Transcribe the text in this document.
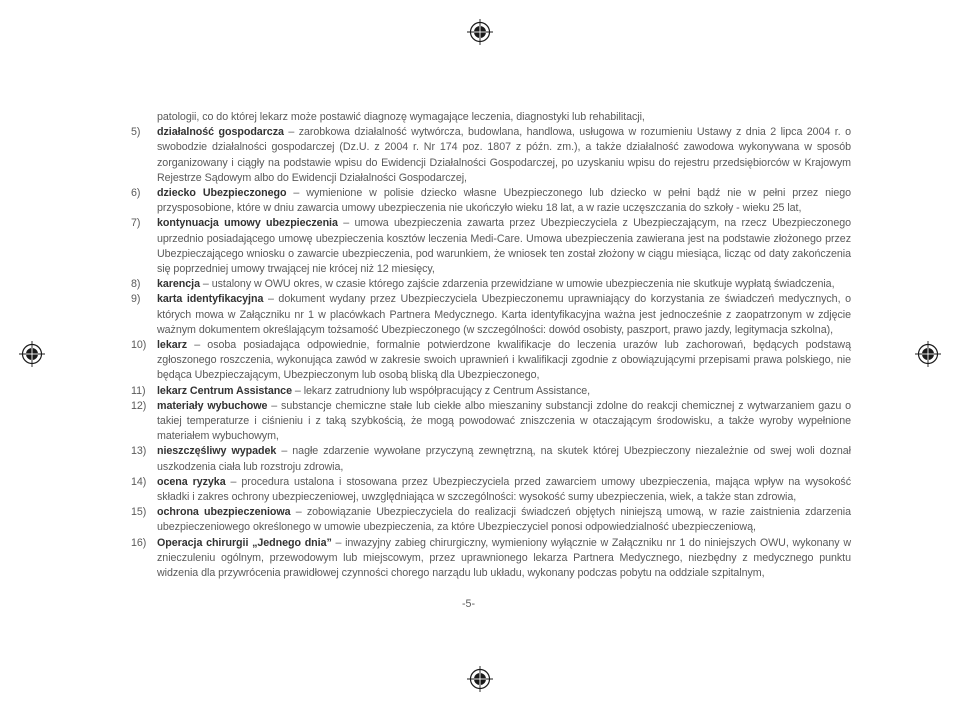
patologii, co do której lekarz może postawić diagnozę wymagające leczenia, diagnostyki lub rehabilitacji,

5)	działalność gospodarcza – zarobkowa działalność wytwórcza, budowlana, handlowa, usługowa w rozumieniu Ustawy z dnia 2 lipca 2004 r. o swobodzie działalności gospodarczej (Dz.U. z 2004 r. Nr 174 poz. 1807 z późn. zm.), a także działalność zawodowa wykonywana w sposób zorganizowany i ciągły na podstawie wpisu do Ewidencji Działalności Gospodarczej, po uzyskaniu wpisu do rejestru przedsiębiorców w Krajowym Rejestrze Sądowym albo do Ewidencji Działalności Gospodarczej,
6)	dziecko Ubezpieczonego – wymienione w polisie dziecko własne Ubezpieczonego lub dziecko w pełni bądź nie w pełni przez niego przysposobione, które w dniu zawarcia umowy ubezpieczenia nie ukończyło wieku 18 lat, a w razie uczęszczania do szkoły - wieku 25 lat,
7)	kontynuacja umowy ubezpieczenia – umowa ubezpieczenia zawarta przez Ubezpieczyciela z Ubezpieczającym, na rzecz Ubezpieczonego uprzednio posiadającego umowę ubezpieczenia kosztów leczenia Medi-Care. Umowa ubezpieczenia zawierana jest na podstawie złożonego przez Ubezpieczającego wniosku o zawarcie ubezpieczenia, pod warunkiem, że wniosek ten został złożony w ciągu miesiąca, licząc od daty zakończenia się poprzedniej umowy trwającej nie krócej niż 12 miesięcy,
8)	karencja – ustalony w OWU okres, w czasie którego zajście zdarzenia przewidziane w umowie ubezpieczenia nie skutkuje wypłatą świadczenia,
9)	karta identyfikacyjna – dokument wydany przez Ubezpieczyciela Ubezpieczonemu uprawniający do korzystania ze świadczeń medycznych, o których mowa w Załączniku nr 1 w placówkach Partnera Medycznego. Karta identyfikacyjna ważna jest jednocześnie z zaopatrzonym w zdjęcie ważnym dokumentem określającym tożsamość Ubezpieczonego (w szczególności: dowód osobisty, paszport, prawo jazdy, legitymacja szkolna),
10)	lekarz – osoba posiadająca odpowiednie, formalnie potwierdzone kwalifikacje do leczenia urazów lub zachorowań, będących podstawą zgłoszonego roszczenia, wykonująca zawód w zakresie swoich uprawnień i kwalifikacji zgodnie z obowiązującymi przepisami prawa polskiego, nie będąca Ubezpieczającym, Ubezpieczonym lub osobą bliską dla Ubezpieczonego,
11)	lekarz Centrum Assistance – lekarz zatrudniony lub współpracujący z Centrum Assistance,
12)	materiały wybuchowe – substancje chemiczne stałe lub ciekłe albo mieszaniny substancji zdolne do reakcji chemicznej z wytwarzaniem gazu o takiej temperaturze i ciśnieniu i z taką szybkością, że mogą powodować zniszczenia w otaczającym środowisku, a także wyroby wypełnione materiałem wybuchowym,
13)	nieszczęśliwy wypadek – nagłe zdarzenie wywołane przyczyną zewnętrzną, na skutek której Ubezpieczony niezależnie od swej woli doznał uszkodzenia ciała lub rozstroju zdrowia,
14)	ocena ryzyka – procedura ustalona i stosowana przez Ubezpieczyciela przed zawarciem umowy ubezpieczenia, mająca wpływ na wysokość składki i zakres ochrony ubezpieczeniowej, uwzględniająca w szczególności: wysokość sumy ubezpieczenia, wiek, a także stan zdrowia,
15)	ochrona ubezpieczeniowa – zobowiązanie Ubezpieczyciela do realizacji świadczeń objętych niniejszą umową, w razie zaistnienia zdarzenia ubezpieczeniowego określonego w umowie ubezpieczenia, za które Ubezpieczyciel ponosi odpowiedzialność ubezpieczeniową,
16)	Operacja chirurgii „Jednego dnia” – inwazyjny zabieg chirurgiczny, wymieniony wyłącznie w Załączniku nr 1 do niniejszych OWU, wykonany w znieczuleniu ogólnym, przewodowym lub miejscowym, przez uprawnionego lekarza Partnera Medycznego, niezbędny z medycznego punktu widzenia dla przywrócenia prawidłowej czynności chorego narządu lub układu, wykonany podczas pobytu na oddziale szpitalnym,
-5-
